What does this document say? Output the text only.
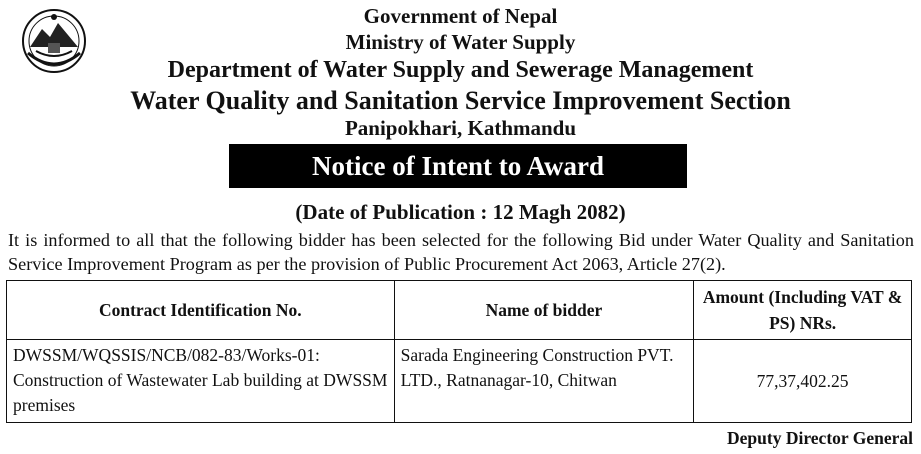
Government of Nepal
Ministry of Water Supply
Department of Water Supply and Sewerage Management
Water Quality and Sanitation Service Improvement Section
Panipokhari, Kathmandu
Notice of Intent to Award
(Date of Publication : 12 Magh 2082)
It is informed to all that the following bidder has been selected for the following Bid under Water Quality and Sanitation Service Improvement Program as per the provision of Public Procurement Act 2063, Article 27(2).
Contract Identification No.	Name of bidder	Amount (Including VAT & PS) NRs.
DWSSM/WQSSIS/NCB/082-83/Works-01: Construction of Wastewater Lab building at DWSSM premises	Sarada Engineering Construction PVT. LTD., Ratnanagar-10, Chitwan	77,37,402.25
Deputy Director General
